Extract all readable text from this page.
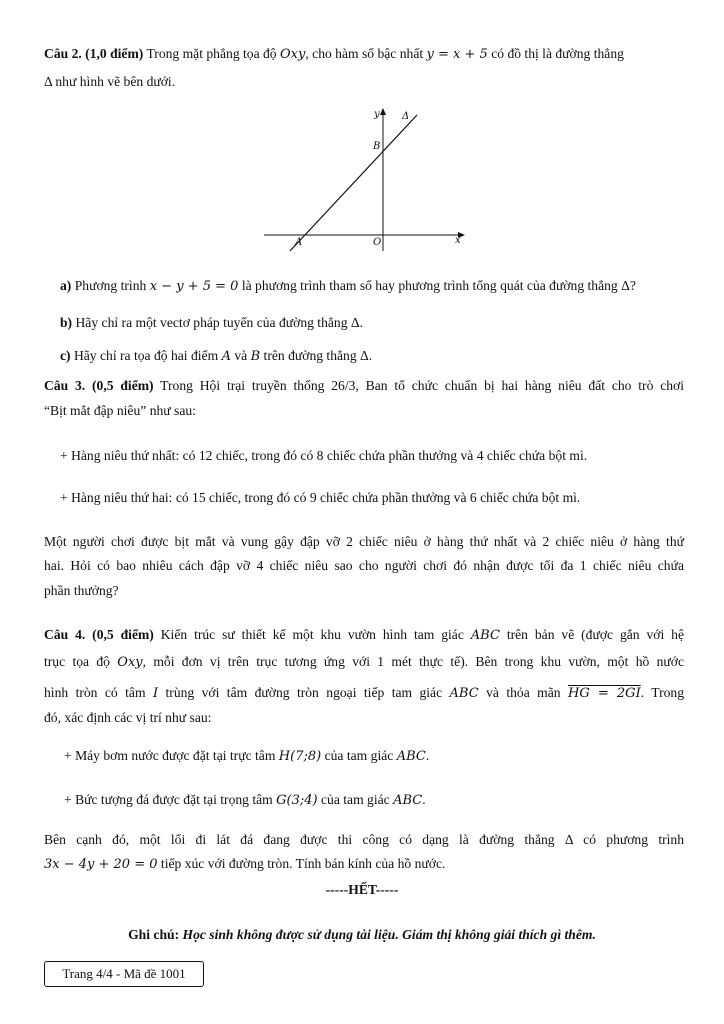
Câu 2. (1,0 điểm) Trong mặt phẳng tọa độ Oxy, cho hàm số bậc nhất y = x + 5 có đồ thị là đường thẳng
Δ như hình vẽ bên dưới.
y
x
Δ
B
A	O
a) Phương trình x − y + 5 = 0 là phương trình tham số hay phương trình tổng quát của đường thẳng Δ?
b) Hãy chỉ ra một vectơ pháp tuyến của đường thẳng Δ.
c) Hãy chỉ ra tọa độ hai điểm A và B trên đường thẳng Δ.
Câu 3. (0,5 điểm) Trong Hội trại truyền thống 26/3, Ban tổ chức chuẩn bị hai hàng niêu đất cho trò chơi
“Bịt mắt đập niêu” như sau:
+ Hàng niêu thứ nhất: có 12 chiếc, trong đó có 8 chiếc chứa phần thưởng và 4 chiếc chứa bột mì.
+ Hàng niêu thứ hai: có 15 chiếc, trong đó có 9 chiếc chứa phần thưởng và 6 chiếc chứa bột mì.
Một người chơi được bịt mắt và vung gậy đập vỡ 2 chiếc niêu ở hàng thứ nhất và 2 chiếc niêu ở hàng thứ
hai. Hỏi có bao nhiêu cách đập vỡ 4 chiếc niêu sao cho người chơi đó nhận được tối đa 1 chiếc niêu chứa
phần thưởng?
Câu 4. (0,5 điểm) Kiến trúc sư thiết kế một khu vườn hình tam giác ABC trên bản vẽ (được gắn với hệ
trục tọa độ Oxy, mỗi đơn vị trên trục tương ứng với 1 mét thực tế). Bên trong khu vườn, một hồ nước
hình tròn có tâm I trùng với tâm đường tròn ngoại tiếp tam giác ABC và thỏa mãn HG = 2GI. Trong
đó, xác định các vị trí như sau:
+ Máy bơm nước được đặt tại trực tâm H(7;8) của tam giác ABC.
+ Bức tượng đá được đặt tại trọng tâm G(3;4) của tam giác ABC.
Bên cạnh đó, một lối đi lát đá đang được thi công có dạng là đường thẳng Δ có phương trình
3x − 4y + 20 = 0 tiếp xúc với đường tròn. Tính bán kính của hồ nước.
-----HẾT-----
Ghi chú: Học sinh không được sử dụng tài liệu. Giám thị không giải thích gì thêm.
Trang 4/4 - Mã đề 1001
